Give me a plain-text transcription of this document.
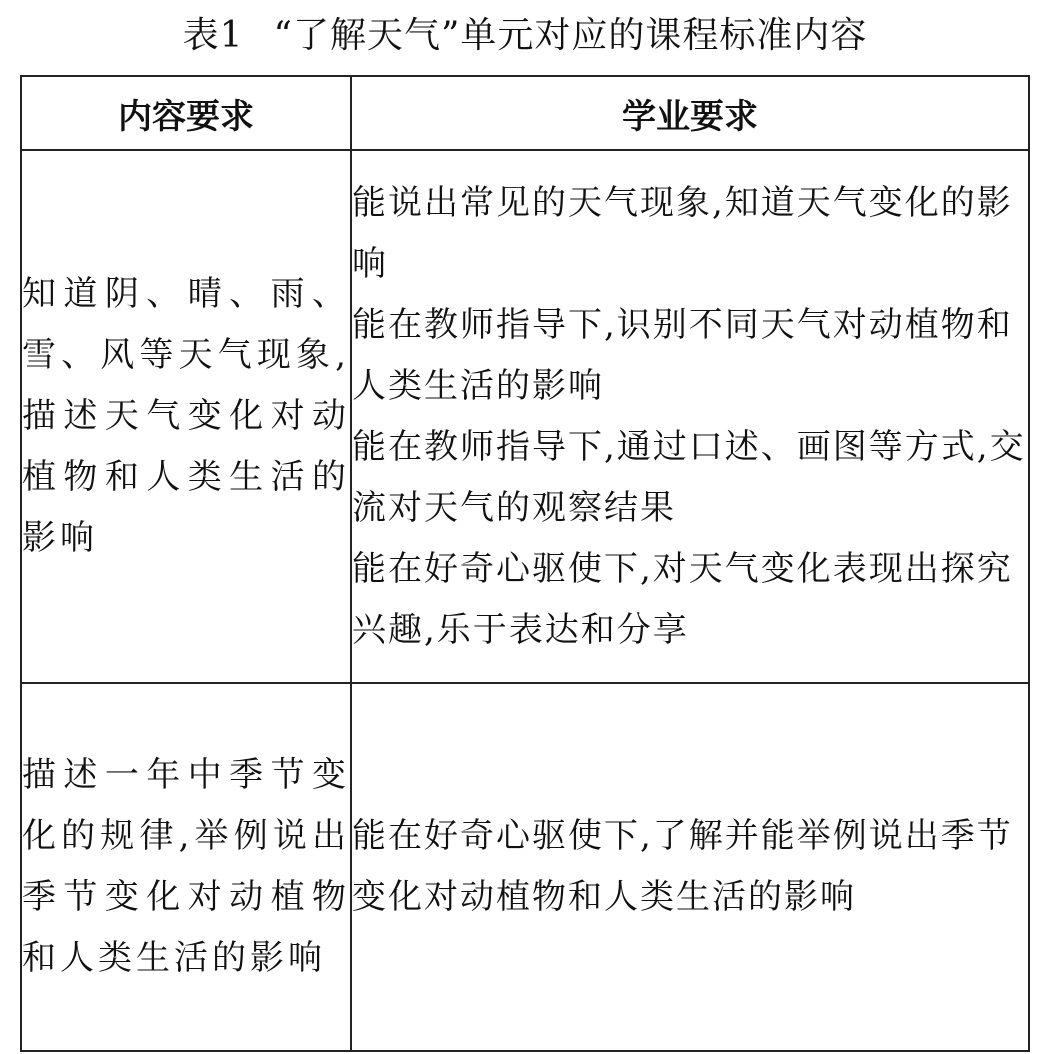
表1 “了解天气”单元对应的课程标准内容
内容要求	学业要求
知道阴、晴、雨、雪、风等天气现象,描述天气变化对动植物和人类生活的影响	能说出常见的天气现象,知道天气变化的影响
能在教师指导下,识别不同天气对动植物和人类生活的影响
能在教师指导下,通过口述、画图等方式,交流对天气的观察结果
能在好奇心驱使下,对天气变化表现出探究兴趣,乐于表达和分享

描述一年中季节变化的规律,举例说出季节变化对动植物和人类生活的影响	能在好奇心驱使下,了解并能举例说出季节变化对动植物和人类生活的影响
